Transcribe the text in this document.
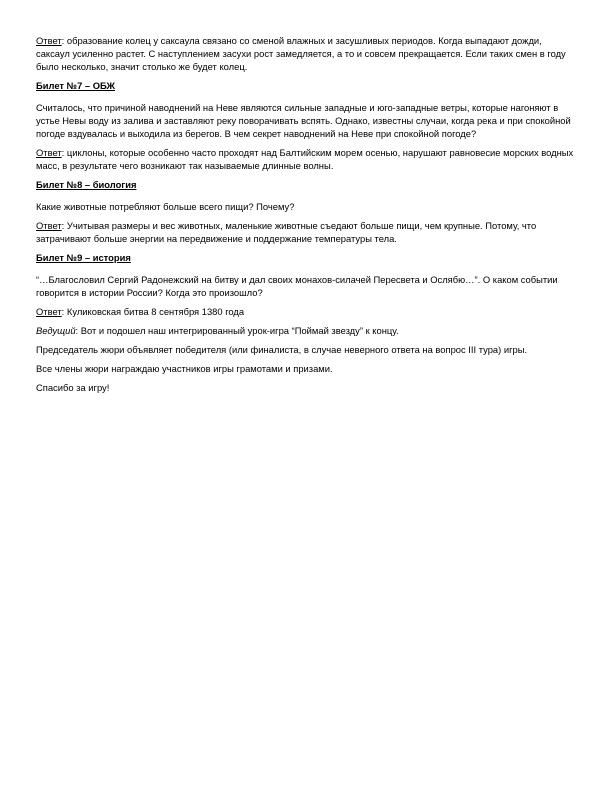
Ответ: образование колец у саксаула связано со сменой влажных и засушливых периодов. Когда выпадают дожди, саксаул усиленно растет. С наступлением засухи рост замедляется, а то и совсем прекращается. Если таких смен в году было несколько, значит столько же будет колец.

Билет №7 – ОБЖ

Считалось, что причиной наводнений на Неве являются сильные западные и юго-западные ветры, которые нагоняют в устье Невы воду из залива и заставляют реку поворачивать вспять. Однако, известны случаи, когда река и при спокойной погоде вздувалась и выходила из берегов. В чем секрет наводнений на Неве при спокойной погоде?

Ответ: циклоны, которые особенно часто проходят над Балтийским морем осенью, нарушают равновесие морских водных масс, в результате чего возникают так называемые длинные волны.

Билет №8 – биология

Какие животные потребляют больше всего пищи? Почему?

Ответ: Учитывая размеры и вес животных, маленькие животные съедают больше пищи, чем крупные. Потому, что затрачивают больше энергии на передвижение и поддержание температуры тела.

Билет №9 – история

“…Благословил Сергий Радонежский на битву и дал своих монахов-силачей Пересвета и Ослябю…”. О каком событии говорится в истории России? Когда это произошло?

Ответ: Куликовская битва 8 сентября 1380 года

Ведущий: Вот и подошел наш интегрированный урок-игра “Поймай звезду” к концу.

Председатель жюри объявляет победителя (или финалиста, в случае неверного ответа на вопрос III тура) игры.

Все члены жюри награждаю участников игры грамотами и призами.

Спасибо за игру!
